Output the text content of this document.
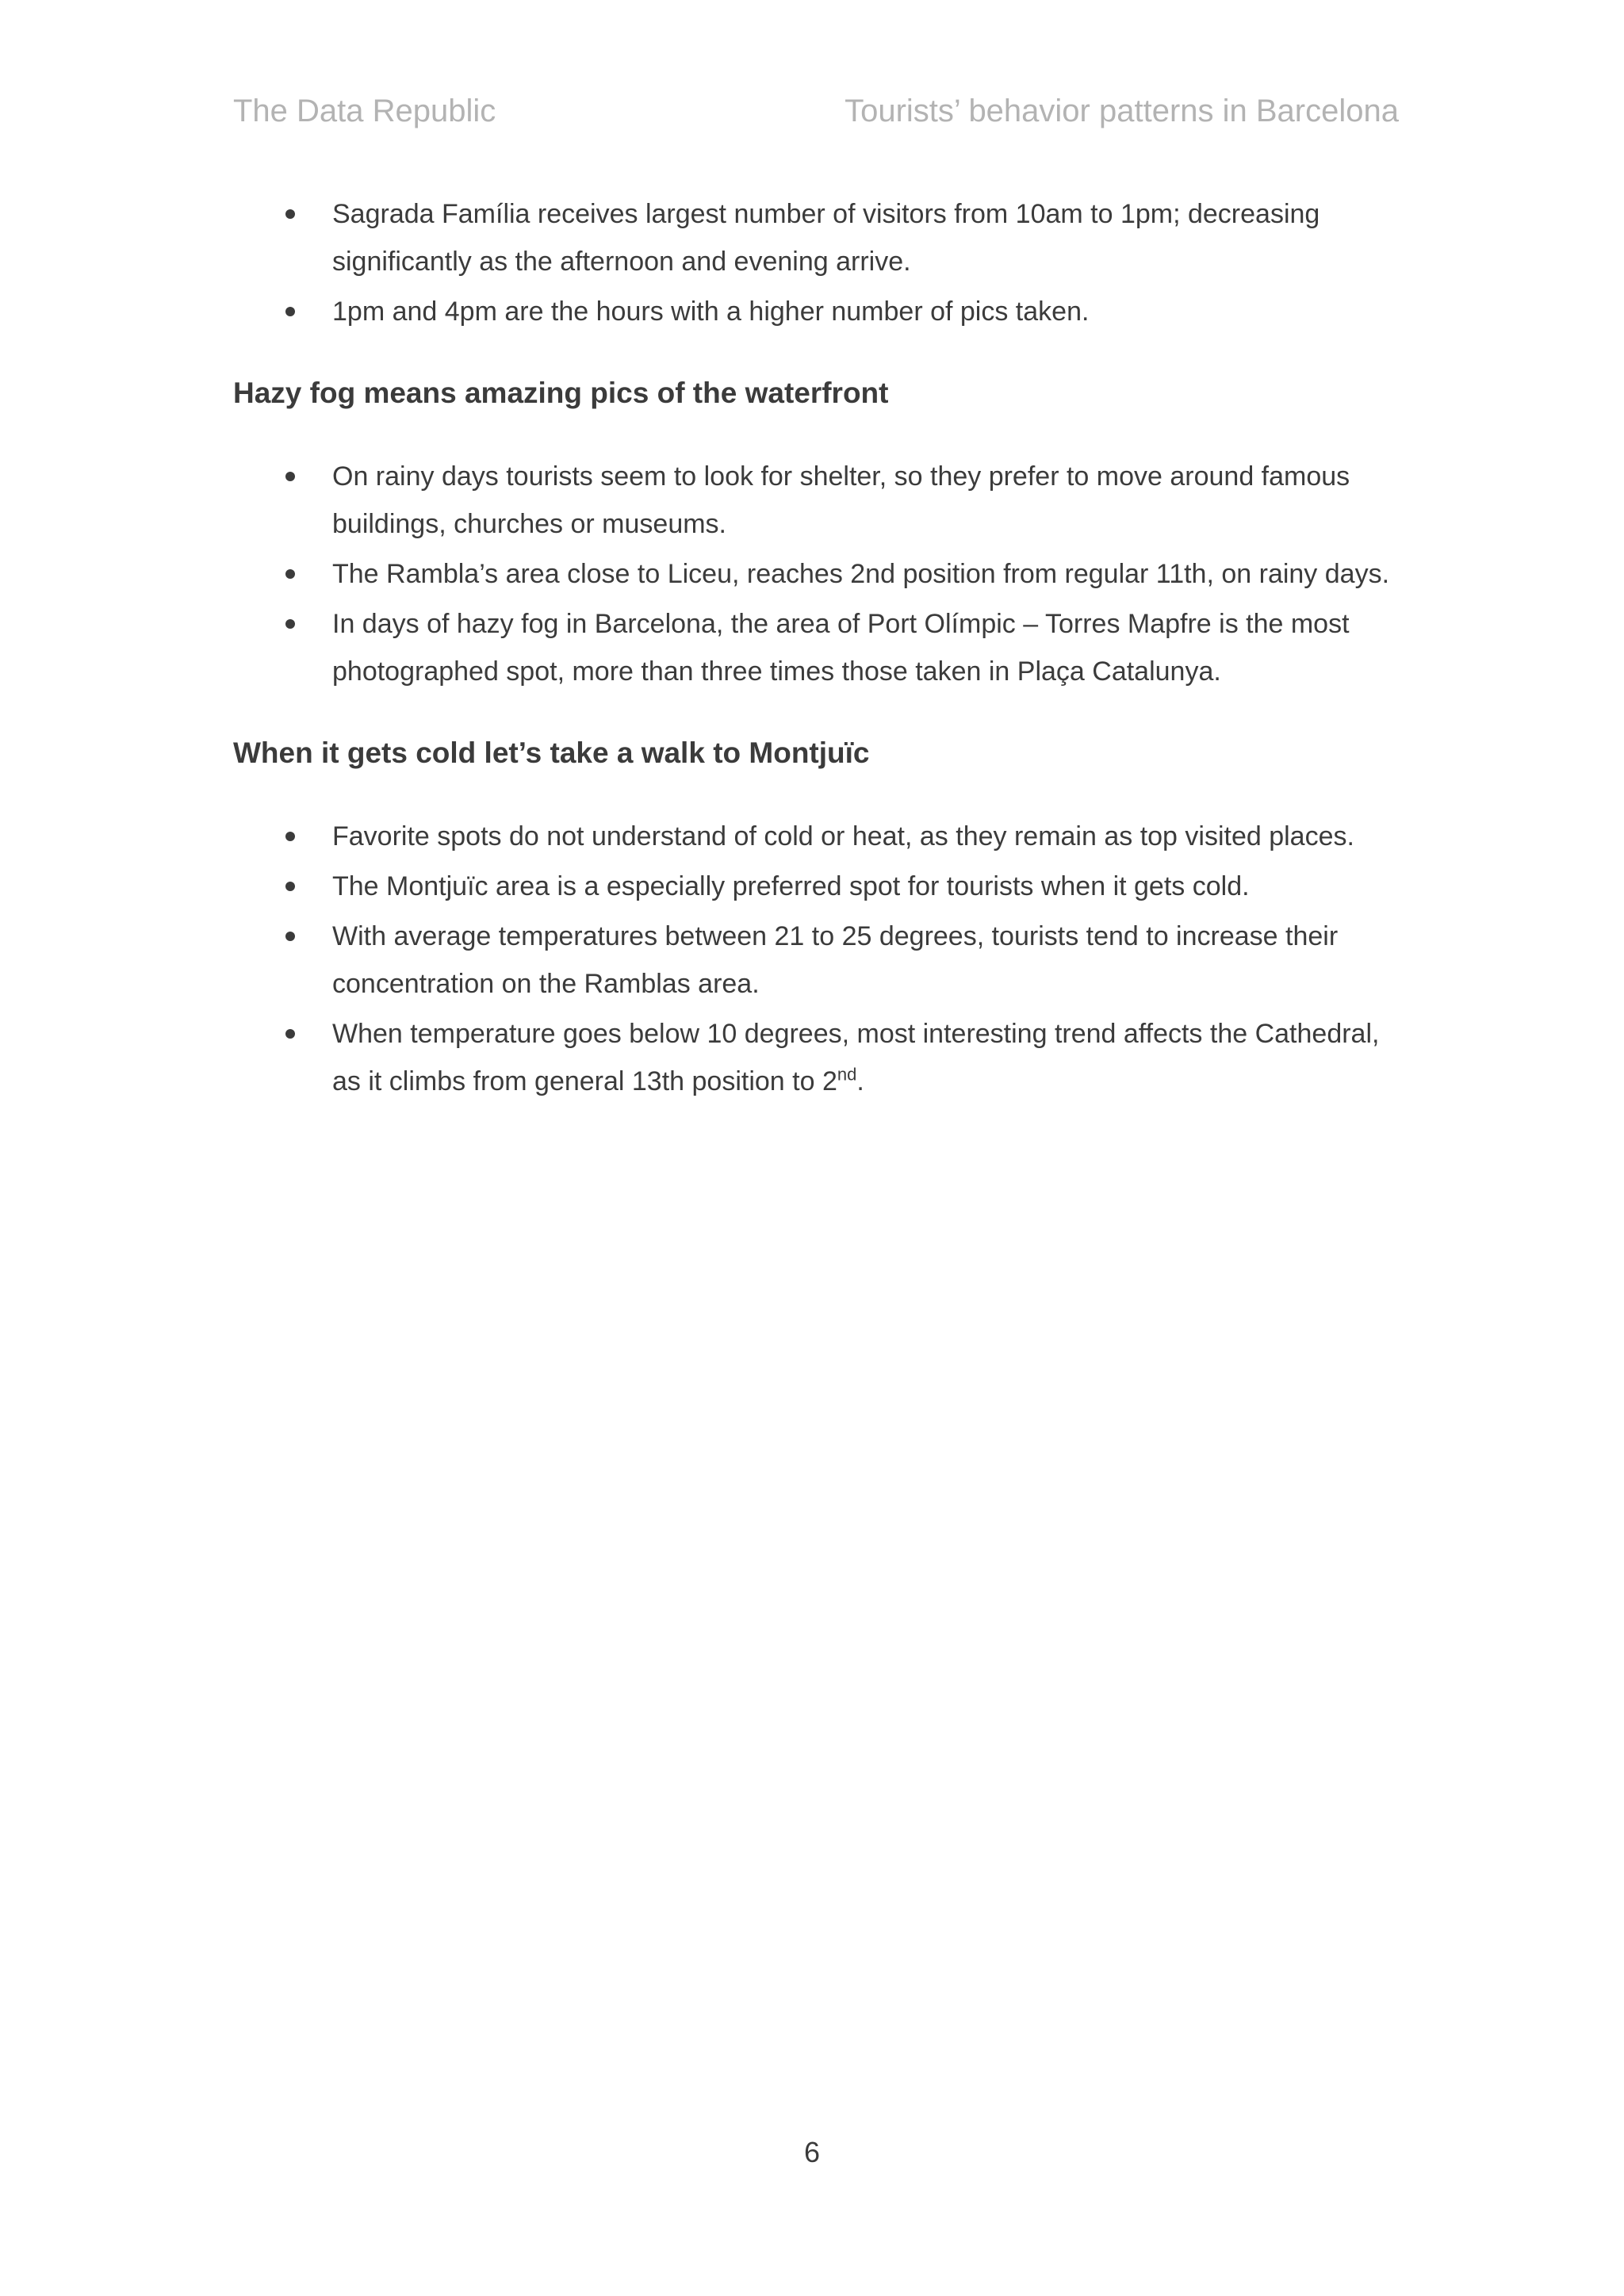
The Data Republic	Tourists’ behavior patterns in Barcelona
Sagrada Família receives largest number of visitors from 10am to 1pm; decreasing significantly as the afternoon and evening arrive.
1pm and 4pm are the hours with a higher number of pics taken.
Hazy fog means amazing pics of the waterfront
On rainy days tourists seem to look for shelter, so they prefer to move around famous buildings, churches or museums.
The Rambla’s area close to Liceu, reaches 2nd position from regular 11th, on rainy days.
In days of hazy fog in Barcelona, the area of Port Olímpic – Torres Mapfre is the most photographed spot, more than three times those taken in Plaça Catalunya.
When it gets cold let’s take a walk to Montjuïc
Favorite spots do not understand of cold or heat, as they remain as top visited places.
The Montjuïc area is a especially preferred spot for tourists when it gets cold.
With average temperatures between 21 to 25 degrees, tourists tend to increase their concentration on the Ramblas area.
When temperature goes below 10 degrees, most interesting trend affects the Cathedral, as it climbs from general 13th position to 2nd.
6
